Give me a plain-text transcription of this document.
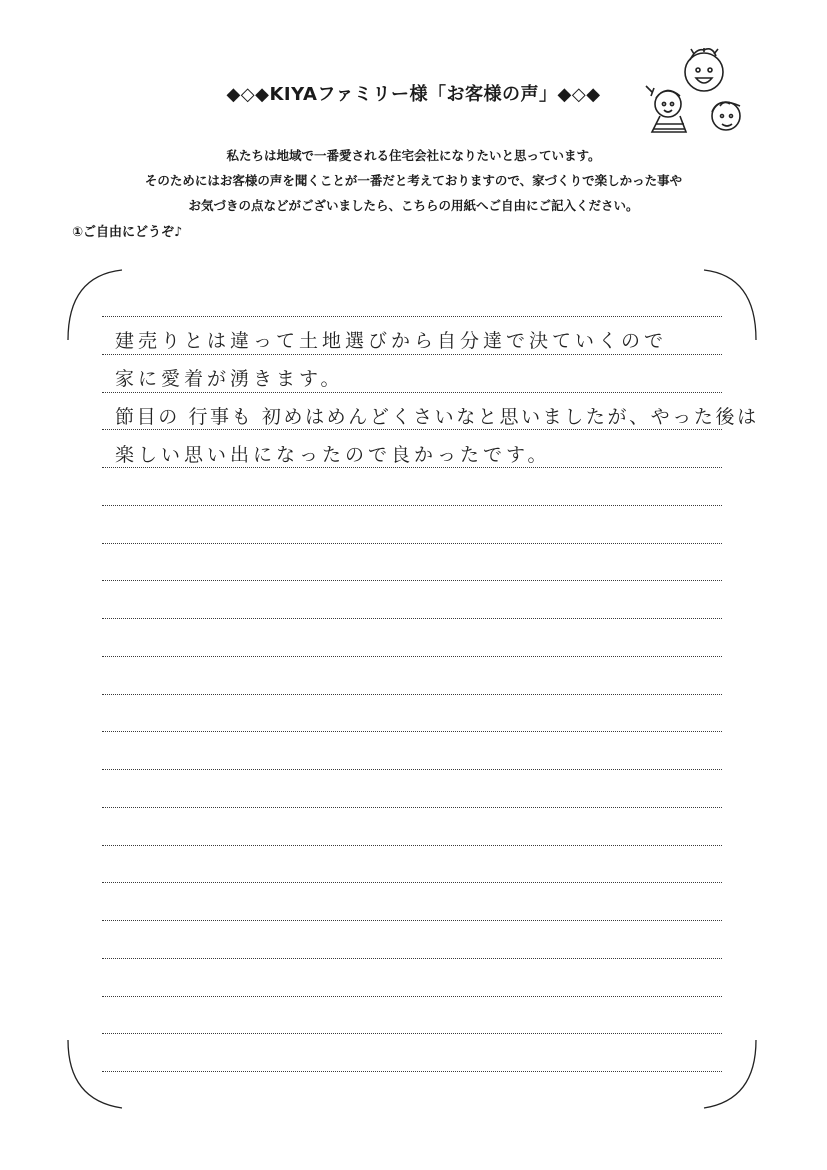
◆◇◆KIYAファミリー様「お客様の声」◆◇◆
私たちは地域で一番愛される住宅会社になりたいと思っています。
そのためにはお客様の声を聞くことが一番だと考えておりますので、家づくりで楽しかった事や
お気づきの点などがございましたら、こちらの用紙へご自由にご記入ください。
①ご自由にどうぞ♪
建売りとは違って土地選びから自分達で決ていくので
家に愛着が湧きます。
節目の 行事も 初めはめんどくさいなと思いましたが、やった後は
楽しい思い出になったので良かったです。
